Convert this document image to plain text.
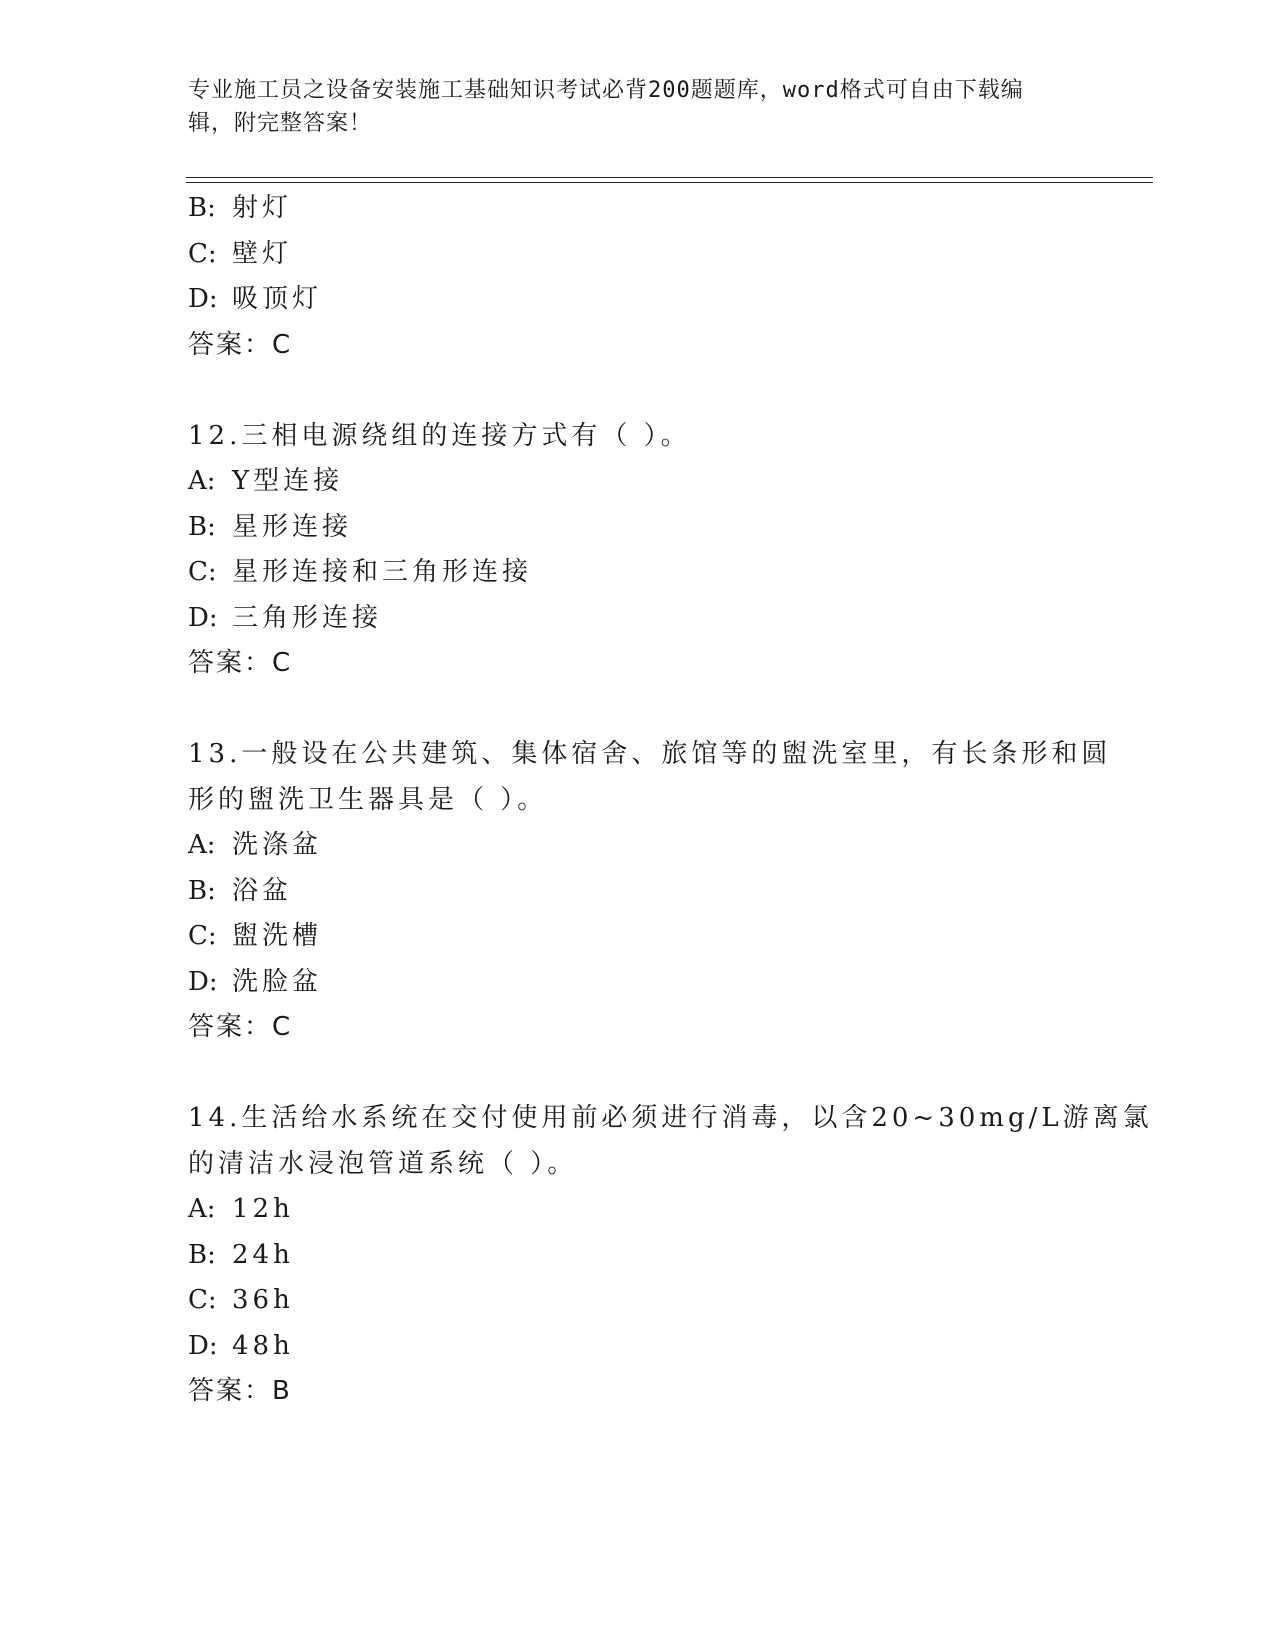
专业施工员之设备安装施工基础知识考试必背200题题库，word格式可自由下载编辑，附完整答案！
B: 射灯
C: 壁灯
D: 吸顶灯
答案：C
12.三相电源绕组的连接方式有（ ）。
A: Y型连接
B: 星形连接
C: 星形连接和三角形连接
D: 三角形连接
答案：C
13.一般设在公共建筑、集体宿舍、旅馆等的盥洗室里，有长条形和圆
形的盥洗卫生器具是（ ）。
A: 洗涤盆
B: 浴盆
C: 盥洗槽
D: 洗脸盆
答案：C
14.生活给水系统在交付使用前必须进行消毒，以含20~30mg/L游离氯
的清洁水浸泡管道系统（ ）。
A: 12h
B: 24h
C: 36h
D: 48h
答案：B
